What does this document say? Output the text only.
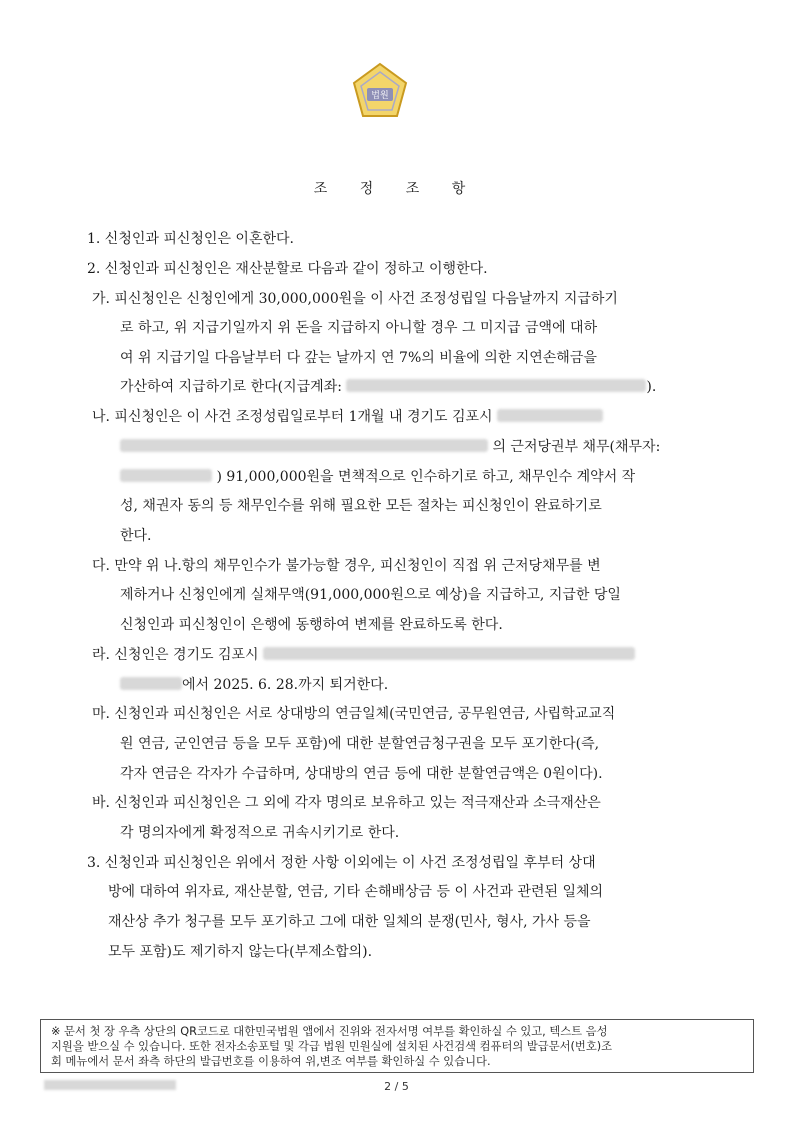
법원
조 정 조 항
1. 신청인과 피신청인은 이혼한다.
2. 신청인과 피신청인은 재산분할로 다음과 같이 정하고 이행한다.
가. 피신청인은 신청인에게 30,000,000원을 이 사건 조정성립일 다음날까지 지급하기
로 하고, 위 지급기일까지 위 돈을 지급하지 아니할 경우 그 미지급 금액에 대하
여 위 지급기일 다음날부터 다 갚는 날까지 연 7%의 비율에 의한 지연손해금을
가산하여 지급하기로 한다(지급계좌:	).
나. 피신청인은 이 사건 조정성립일로부터 1개월 내 경기도 김포시
의 근저당권부 채무(채무자:
) 91,000,000원을 면책적으로 인수하기로 하고, 채무인수 계약서 작
성, 채권자 동의 등 채무인수를 위해 필요한 모든 절차는 피신청인이 완료하기로
한다.
다. 만약 위 나.항의 채무인수가 불가능할 경우, 피신청인이 직접 위 근저당채무를 변
제하거나 신청인에게 실채무액(91,000,000원으로 예상)을 지급하고, 지급한 당일
신청인과 피신청인이 은행에 동행하여 변제를 완료하도록 한다.
라. 신청인은 경기도 김포시
에서 2025. 6. 28.까지 퇴거한다.
마. 신청인과 피신청인은 서로 상대방의 연금일체(국민연금, 공무원연금, 사립학교교직
원 연금, 군인연금 등을 모두 포함)에 대한 분할연금청구권을 모두 포기한다(즉,
각자 연금은 각자가 수급하며, 상대방의 연금 등에 대한 분할연금액은 0원이다).
바. 신청인과 피신청인은 그 외에 각자 명의로 보유하고 있는 적극재산과 소극재산은
각 명의자에게 확정적으로 귀속시키기로 한다.
3. 신청인과 피신청인은 위에서 정한 사항 이외에는 이 사건 조정성립일 후부터 상대
방에 대하여 위자료, 재산분할, 연금, 기타 손해배상금 등 이 사건과 관련된 일체의
재산상 추가 청구를 모두 포기하고 그에 대한 일체의 분쟁(민사, 형사, 가사 등을
모두 포함)도 제기하지 않는다(부제소합의).
※ 문서 첫 장 우측 상단의 QR코드로 대한민국법원 앱에서 진위와 전자서명 여부를 확인하실 수 있고, 텍스트 음성
지원을 받으실 수 있습니다. 또한 전자소송포털 및 각급 법원 민원실에 설치된 사건검색 컴퓨터의 발급문서(번호)조
회 메뉴에서 문서 좌측 하단의 발급번호를 이용하여 위,변조 여부를 확인하실 수 있습니다.
2 / 5
